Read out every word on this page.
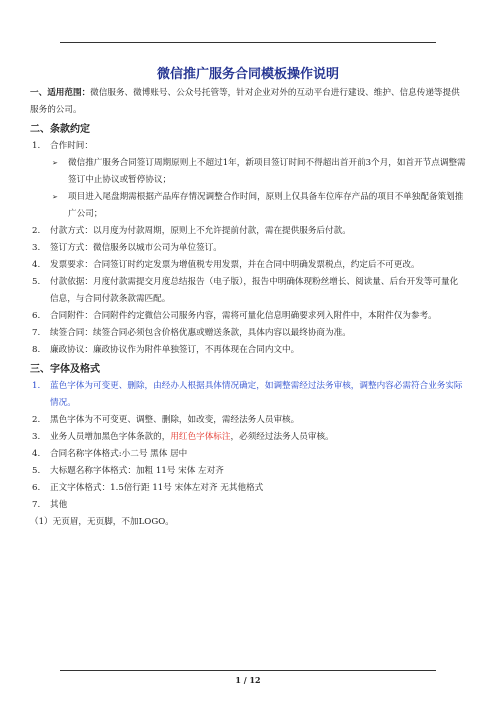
微信推广服务合同模板操作说明

一、适用范围：微信服务、微博账号、公众号托管等，针对企业对外的互动平台进行建设、维护、信息传递等提供服务的公司。

二、条款约定

1.	合作时间：
➢	微信推广服务合同签订周期原则上不超过1年，新项目签订时间不得超出首开前3个月，如首开节点调整需签订中止协议或暂停协议；
➢	项目进入尾盘期需根据产品库存情况调整合作时间，原则上仅具备车位库存产品的项目不单独配备策划推广公司；
2.	付款方式：以月度为付款周期，原则上不允许提前付款，需在提供服务后付款。
3.	签订方式：微信服务以城市公司为单位签订。
4.	发票要求：合同签订时约定发票为增值税专用发票，并在合同中明确发票税点，约定后不可更改。
5.	付款依据：月度付款需提交月度总结报告（电子版），报告中明确体现粉丝增长、阅读量、后台开发等可量化信息，与合同付款条款需匹配。
6.	合同附件：合同附件约定微信公司服务内容，需将可量化信息明确要求列入附件中，本附件仅为参考。
7.	续签合同：续签合同必须包含价格优惠或赠送条款，具体内容以最终协商为准。
8.	廉政协议：廉政协议作为附件单独签订，不再体现在合同内文中。

三、字体及格式

1.	蓝色字体为可变更、删除，由经办人根据具体情况确定，如调整需经过法务审核，调整内容必需符合业务实际情况。
2.	黑色字体为不可变更、调整、删除，如改变，需经法务人员审核。
3.	业务人员增加黑色字体条款的，用红色字体标注，必须经过法务人员审核。
4.	合同名称字体格式:小二号 黑体 居中
5.	大标题名称字体格式：加粗 11号 宋体 左对齐
6.	正文字体格式：1.5倍行距 11号 宋体左对齐 无其他格式
7.	其他

（1）无页眉，无页脚，不加LOGO。

1 / 12
